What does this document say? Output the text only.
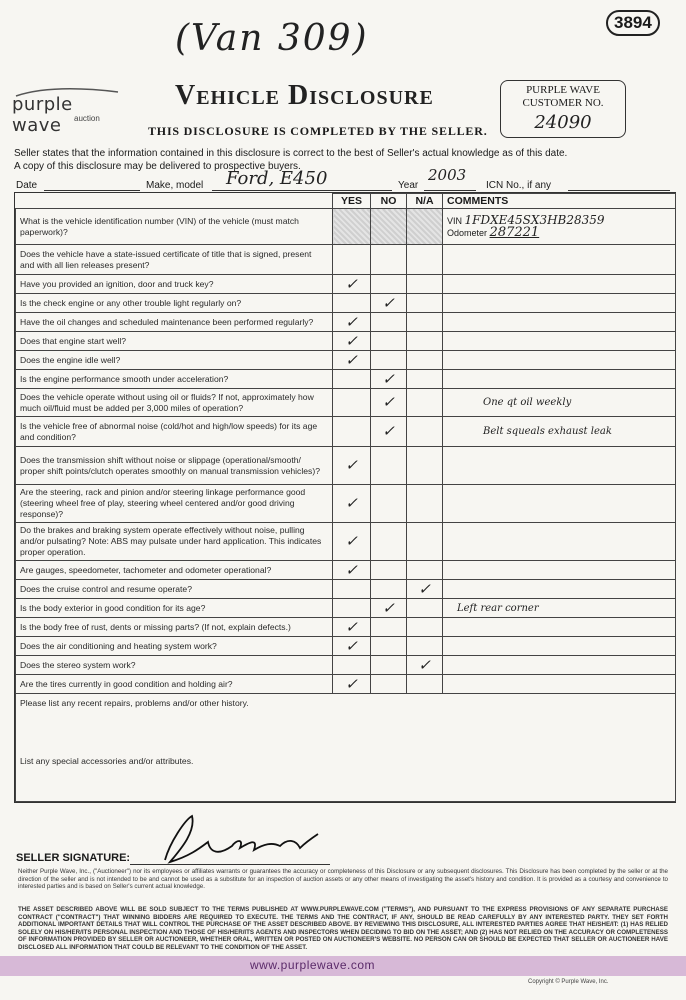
(Van 309)	3894
purple wave	auction
Vehicle Disclosure
THIS DISCLOSURE IS COMPLETED BY THE SELLER.
PURPLE WAVE
CUSTOMER NO.
24090
Seller states that the information contained in this disclosure is correct to the best of Seller's actual knowledge as of this date.
A copy of this disclosure may be delivered to prospective buyers.
Date	Make, model Ford, E450	Year
2003
ICN No., if any
	YES	NO	N/A	COMMENTS
What is the vehicle identification number (VIN) of the vehicle (must match paperwork)?				VIN 1FDXE45SX3HB28359
Odometer 287221

Does the vehicle have a state-issued certificate of title that is signed, present and with all lien releases present?				
Have you provided an ignition, door and truck key?	✓			
Is the check engine or any other trouble light regularly on?		✓		
Have the oil changes and scheduled maintenance been performed regularly?	✓			
Does that engine start well?	✓			
Does the engine idle well?	✓			
Is the engine performance smooth under acceleration?		✓		
Does the vehicle operate without using oil or fluids? If not, approximately how much oil/fluid must be added per 3,000 miles of operation?		✓		One qt oil weekly
Is the vehicle free of abnormal noise (cold/hot and high/low speeds) for its age and condition?		✓		Belt squeals exhaust leak
Does the transmission shift without noise or slippage (operational/smooth/ proper shift points/clutch operates smoothly on manual transmission vehicles)?	✓			
Are the steering, rack and pinion and/or steering linkage performance good (steering wheel free of play, steering wheel centered and/or good driving response)?	✓			
Do the brakes and braking system operate effectively without noise, pulling and/or pulsating? Note: ABS may pulsate under hard application. This indicates proper operation.	✓			
Are gauges, speedometer, tachometer and odometer operational?	✓			
Does the cruise control and resume operate?			✓	
Is the body exterior in good condition for its age?		✓		Left rear corner
Is the body free of rust, dents or missing parts? (If not, explain defects.)	✓			
Does the air conditioning and heating system work?	✓			
Does the stereo system work?			✓	
Are the tires currently in good condition and holding air?	✓			
Please list any recent repairs, problems and/or other history.				
List any special accessories and/or attributes.				
SELLER SIGNATURE:
Neither Purple Wave, Inc., ("Auctioneer") nor its employees or affiliates warrants or guarantees the accuracy or completeness of this Disclosure or any subsequent disclosures. This Disclosure has been completed by the seller or at the direction of the seller and is not intended to be and cannot be used as a substitute for an inspection of auction assets or any other means of investigating the asset's history and condition. It is provided as a courtesy and convenience to interested parties and is based on Seller's current actual knowledge.
THE ASSET DESCRIBED ABOVE WILL BE SOLD SUBJECT TO THE TERMS PUBLISHED AT WWW.PURPLEWAVE.COM ("TERMS"), AND PURSUANT TO THE EXPRESS PROVISIONS OF ANY SEPARATE PURCHASE CONTRACT ("CONTRACT") THAT WINNING BIDDERS ARE REQUIRED TO EXECUTE. THE TERMS AND THE CONTRACT, IF ANY, SHOULD BE READ CAREFULLY BY ANY INTERESTED PARTY. THEY SET FORTH ADDITIONAL IMPORTANT DETAILS THAT WILL CONTROL THE PURCHASE OF THE ASSET DESCRIBED ABOVE. BY REVIEWING THIS DISCLOSURE, ALL INTERESTED PARTIES AGREE THAT HE/SHE/IT: (1) HAS RELIED SOLELY ON HIS/HER/ITS PERSONAL INSPECTION AND THOSE OF HIS/HER/ITS AGENTS AND INSPECTORS WHEN DECIDING TO BID ON THE ASSET; AND (2) HAS NOT RELIED ON THE ACCURACY OR COMPLETENESS OF INFORMATION PROVIDED BY SELLER OR AUCTIONEER, WHETHER ORAL, WRITTEN OR POSTED ON AUCTIONEER'S WEBSITE. NO PERSON CAN OR SHOULD BE EXPECTED THAT SELLER OR AUCTIONEER HAVE DISCLOSED ALL INFORMATION THAT COULD BE RELEVANT TO THE CONDITION OF THE ASSET.
www.purplewave.com
Copyright © Purple Wave, Inc.
